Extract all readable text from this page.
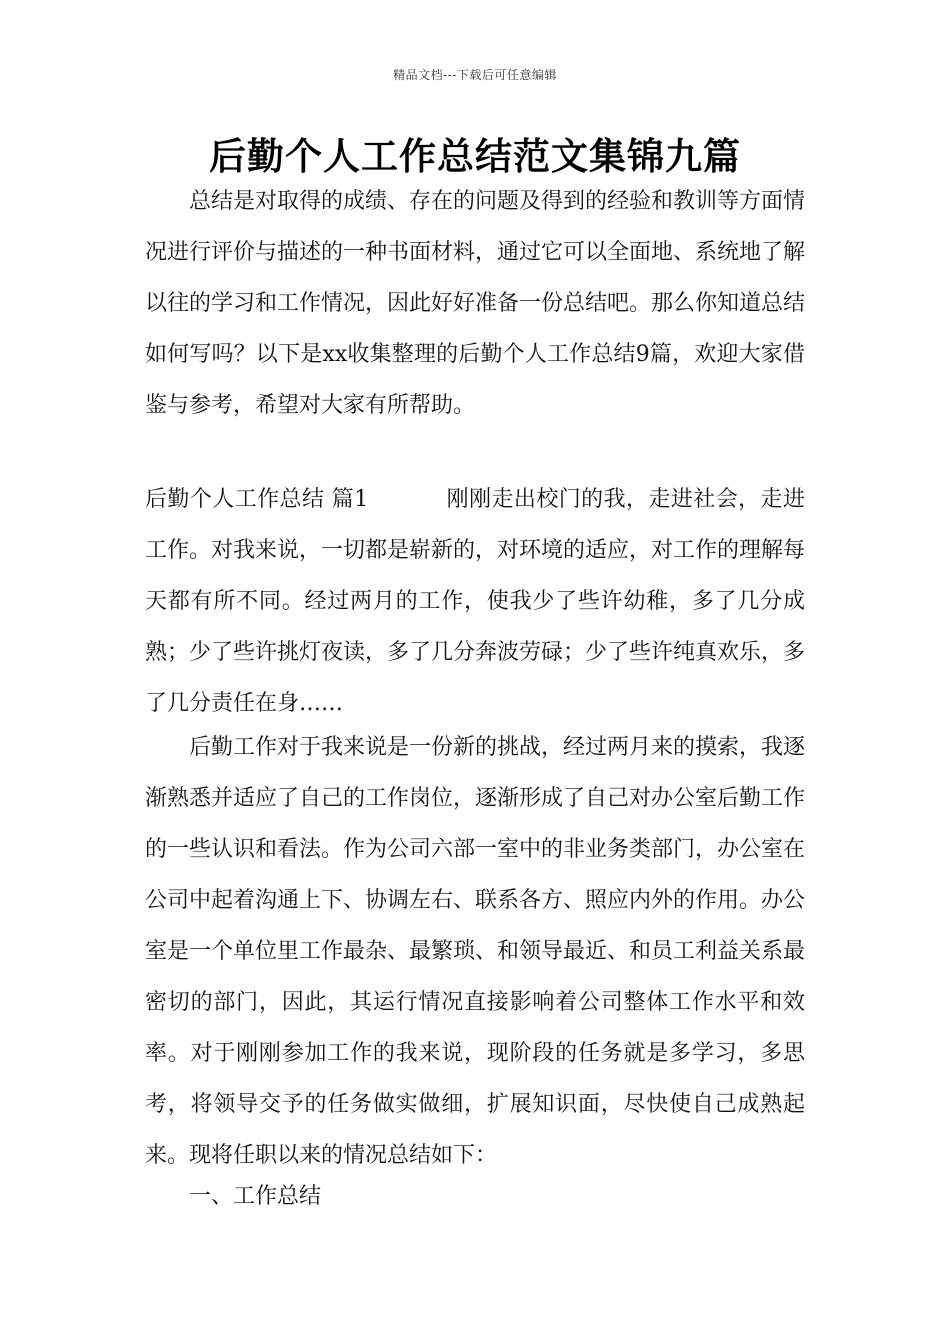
精品文档---下载后可任意编辑
后勤个人工作总结范文集锦九篇

总结是对取得的成绩、存在的问题及得到的经验和教训等方面情况进行评价与描述的一种书面材料，通过它可以全面地、系统地了解以往的学习和工作情况，因此好好准备一份总结吧。那么你知道总结如何写吗？以下是xx收集整理的后勤个人工作总结9篇，欢迎大家借鉴与参考，希望对大家有所帮助。

后勤个人工作总结 篇1	刚刚走出校门的我，走进社会，走进工作。对我来说，一切都是崭新的，对环境的适应，对工作的理解每天都有所不同。经过两月的工作，使我少了些许幼稚，多了几分成熟；少了些许挑灯夜读，多了几分奔波劳碌；少了些许纯真欢乐，多了几分责任在身……

后勤工作对于我来说是一份新的挑战，经过两月来的摸索，我逐渐熟悉并适应了自己的工作岗位，逐渐形成了自己对办公室后勤工作的一些认识和看法。作为公司六部一室中的非业务类部门，办公室在公司中起着沟通上下、协调左右、联系各方、照应内外的作用。办公室是一个单位里工作最杂、最繁琐、和领导最近、和员工利益关系最密切的部门，因此，其运行情况直接影响着公司整体工作水平和效率。对于刚刚参加工作的我来说，现阶段的任务就是多学习，多思考，将领导交予的任务做实做细，扩展知识面，尽快使自己成熟起来。现将任职以来的情况总结如下：

一、工作总结
